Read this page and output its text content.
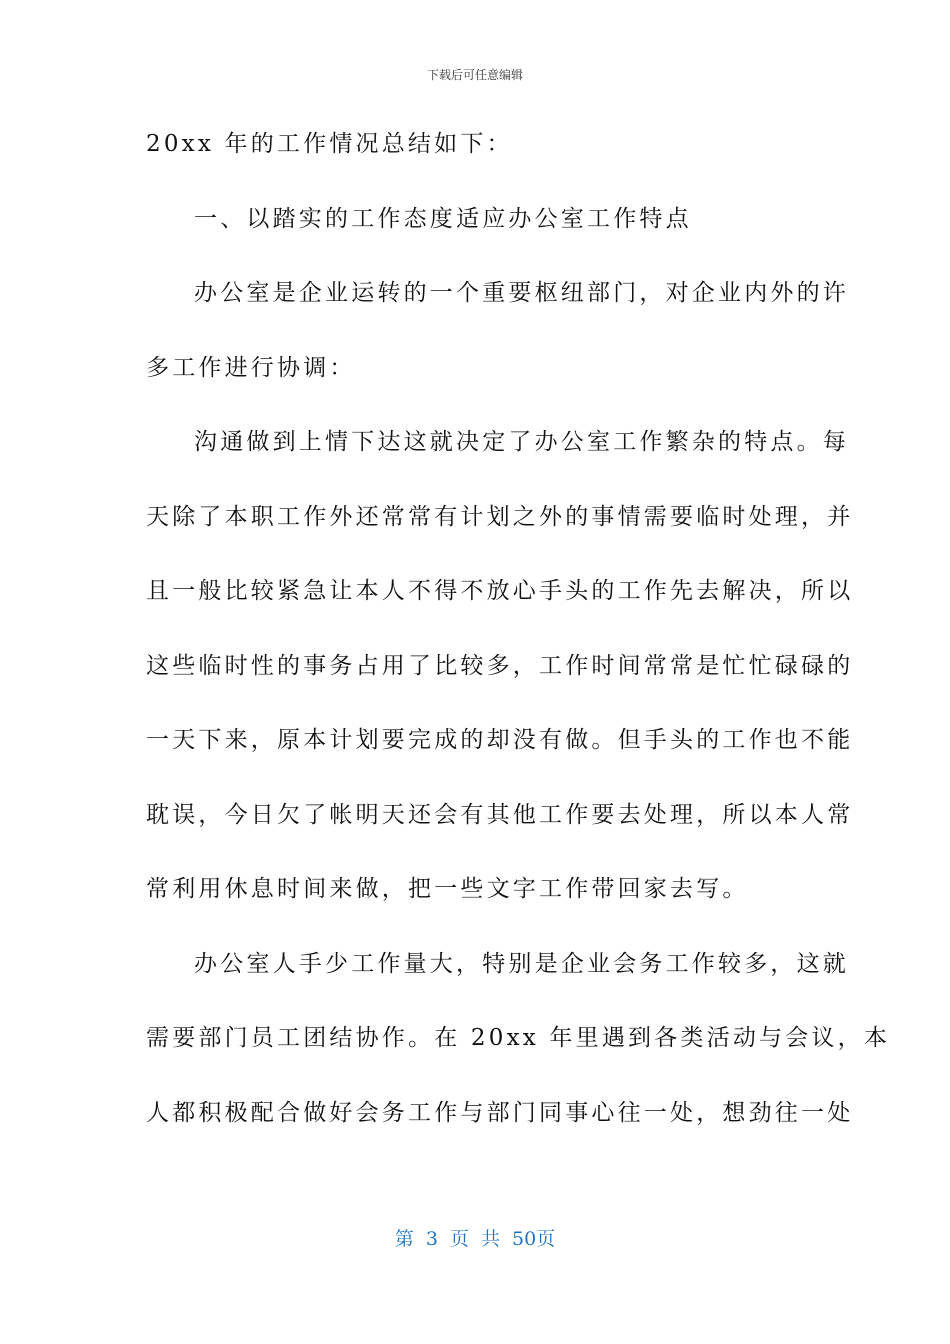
下载后可任意编辑
20xx 年的工作情况总结如下：
一、以踏实的工作态度适应办公室工作特点
办公室是企业运转的一个重要枢纽部门，对企业内外的许
多工作进行协调：
沟通做到上情下达这就决定了办公室工作繁杂的特点。每
天除了本职工作外还常常有计划之外的事情需要临时处理，并
且一般比较紧急让本人不得不放心手头的工作先去解决，所以
这些临时性的事务占用了比较多，工作时间常常是忙忙碌碌的
一天下来，原本计划要完成的却没有做。但手头的工作也不能
耽误，今日欠了帐明天还会有其他工作要去处理，所以本人常
常利用休息时间来做，把一些文字工作带回家去写。
办公室人手少工作量大，特别是企业会务工作较多，这就
需要部门员工团结协作。在 20xx 年里遇到各类活动与会议，本
人都积极配合做好会务工作与部门同事心往一处，想劲往一处
第 3 页 共 50页
